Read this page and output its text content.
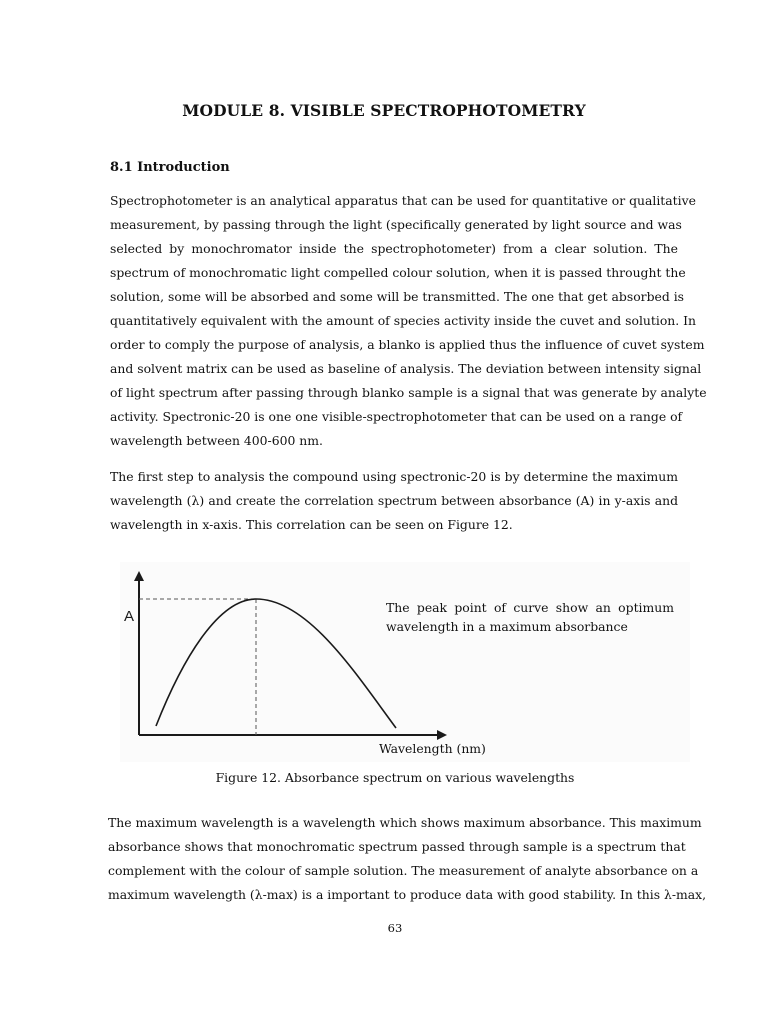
MODULE 8. VISIBLE SPECTROPHOTOMETRY
8.1 Introduction

Spectrophotometer is an analytical apparatus that can be used for quantitative or qualitative
measurement, by passing through the light (specifically generated by light source and was
selected by monochromator inside the spectrophotometer) from a clear solution. The
spectrum of monochromatic light compelled colour solution, when it is passed throught the
solution, some will be absorbed and some will be transmitted. The one that get absorbed is
quantitatively equivalent with the amount of species activity inside the cuvet and solution. In
order to comply the purpose of analysis, a blanko is applied thus the influence of cuvet system
and solvent matrix can be used as baseline of analysis. The deviation between intensity signal
of light spectrum after passing through blanko sample is a signal that was generate by analyte
activity. Spectronic-20 is one one visible-spectrophotometer that can be used on a range of
wavelength between 400-600 nm.

The first step to analysis the compound using spectronic-20 is by determine the maximum
wavelength (λ) and create the correlation spectrum between absorbance (A) in y-axis and
wavelength in x-axis. This correlation can be seen on Figure 12.

A

The peak point of curve show an optimum
wavelength in a maximum absorbance

Wavelength (nm)
Figure 12. Absorbance spectrum on various wavelengths

The maximum wavelength is a wavelength which shows maximum absorbance. This maximum
absorbance shows that monochromatic spectrum passed through sample is a spectrum that
complement with the colour of sample solution. The measurement of analyte absorbance on a
maximum wavelength (λ-max) is a important to produce data with good stability. In this λ-max,

63
